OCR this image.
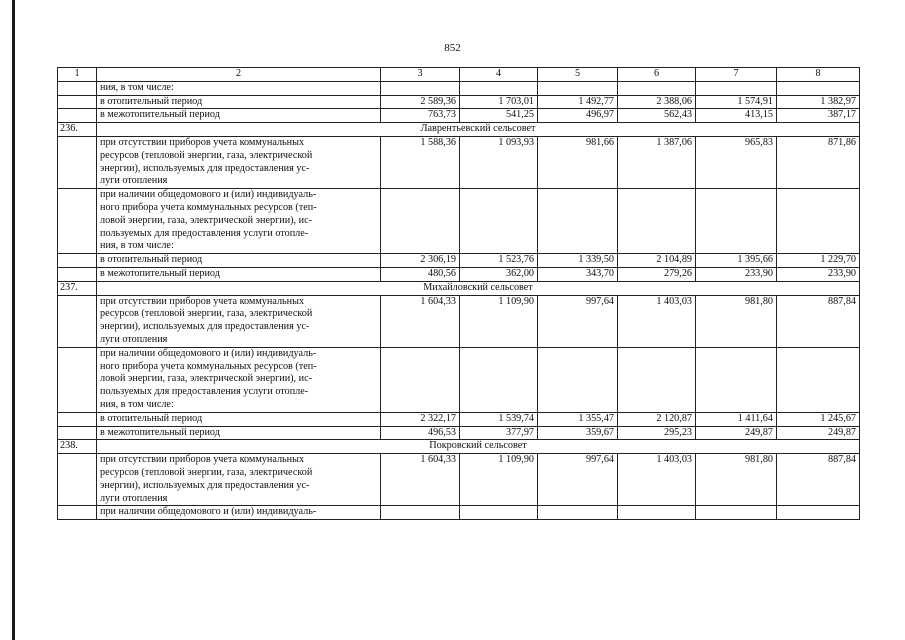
852
1	2	3	4	5	6	7	8

	ния, в том числе:						

	в отопительный период	2 589,36	1 703,01	1 492,77	2 388,06	1 574,91	1 382,97

	в межотопительный период	763,73	541,25	496,97	562,43	413,15	387,17
236.	Лаврентьевский сельсовет						

	при отсутствии приборов учета коммунальных
ресурсов (тепловой энергии, газа, электрической
энергии), используемых для предоставления ус-
луги отопления	1 588,36	1 093,93	981,66	1 387,06	965,83	871,86

	при наличии общедомового и (или) индивидуаль-
ного прибора учета коммунальных ресурсов (теп-
ловой энергии, газа, электрической энергии), ис-
пользуемых для предоставления услуги отопле-
ния, в том числе:						

	в отопительный период	2 306,19	1 523,76	1 339,50	2 104,89	1 395,66	1 229,70

	в межотопительный период	480,56	362,00	343,70	279,26	233,90	233,90
237.	Михайловский сельсовет						

	при отсутствии приборов учета коммунальных
ресурсов (тепловой энергии, газа, электрической
энергии), используемых для предоставления ус-
луги отопления	1 604,33	1 109,90	997,64	1 403,03	981,80	887,84

	при наличии общедомового и (или) индивидуаль-
ного прибора учета коммунальных ресурсов (теп-
ловой энергии, газа, электрической энергии), ис-
пользуемых для предоставления услуги отопле-
ния, в том числе:						

	в отопительный период	2 322,17	1 539,74	1 355,47	2 120,87	1 411,64	1 245,67

	в межотопительный период	496,53	377,97	359,67	295,23	249,87	249,87
238.	Покровский сельсовет						

	при отсутствии приборов учета коммунальных
ресурсов (тепловой энергии, газа, электрической
энергии), используемых для предоставления ус-
луги отопления	1 604,33	1 109,90	997,64	1 403,03	981,80	887,84

	при наличии общедомового и (или) индивидуаль-						
